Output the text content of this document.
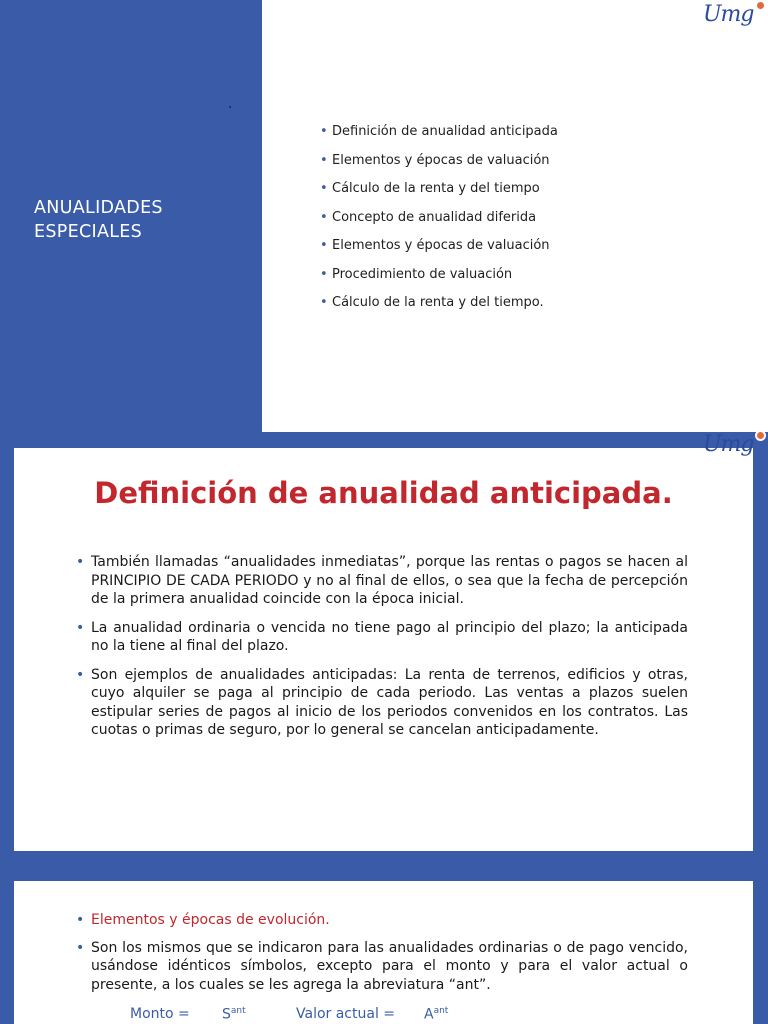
ANUALIDADES ESPECIALES
.
Umg
• Definición de anualidad anticipada
• Elementos y épocas de valuación
• Cálculo de la renta y del tiempo
• Concepto de anualidad diferida
• Elementos y épocas de valuación
• Procedimiento de valuación
• Cálculo de la renta y del tiempo.
Definición de anualidad anticipada.
• También llamadas “anualidades inmediatas”, porque las rentas o pagos se hacen al PRINCIPIO DE CADA PERIODO y no al final de ellos, o sea que la fecha de percepción de la primera anualidad coincide con la época inicial.
• La anualidad ordinaria o vencida no tiene pago al principio del plazo; la anticipada no la tiene al final del plazo.
• Son ejemplos de anualidades anticipadas: La renta de terrenos, edificios y otras, cuyo alquiler se paga al principio de cada periodo. Las ventas a plazos suelen estipular series de pagos al inicio de los periodos convenidos en los contratos. Las cuotas o primas de seguro, por lo general se cancelan anticipadamente.
Umg
• Elementos y épocas de evolución.
• Son los mismos que se indicaron para las anualidades ordinarias o de pago vencido, usándose idénticos símbolos, excepto para el monto y para el valor actual o presente, a los cuales se les agrega la abreviatura “ant”.
Monto = $S^{ant}$	Valor actual = $A^{ant}$
